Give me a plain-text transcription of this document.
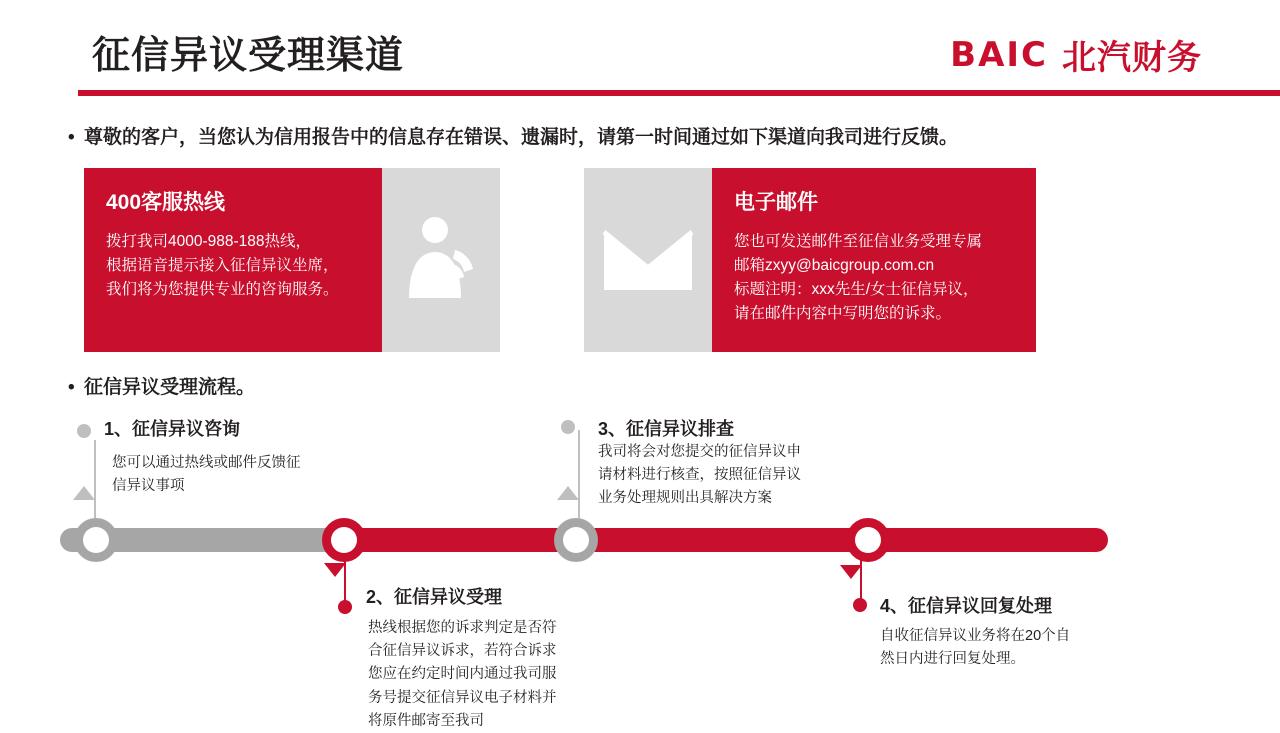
征信异议受理渠道	BAIC 北汽财务
• 尊敬的客户，当您认为信用报告中的信息存在错误、遗漏时，请第一时间通过如下渠道向我司进行反馈。
400客服热线
拨打我司4000-988-188热线，
根据语音提示接入征信异议坐席，
我们将为您提供专业的咨询服务。
电子邮件
您也可发送邮件至征信业务受理专属
邮箱zxyy@baicgroup.com.cn
标题注明：xxx先生/女士征信异议，
请在邮件内容中写明您的诉求。
• 征信异议受理流程。
1、征信异议咨询
您可以通过热线或邮件反馈征
信异议事项
2、征信异议受理
热线根据您的诉求判定是否符
合征信异议诉求，若符合诉求
您应在约定时间内通过我司服
务号提交征信异议电子材料并
将原件邮寄至我司
3、征信异议排查
我司将会对您提交的征信异议申
请材料进行核查，按照征信异议
业务处理规则出具解决方案
4、征信异议回复处理
自收征信异议业务将在20个自
然日内进行回复处理。
